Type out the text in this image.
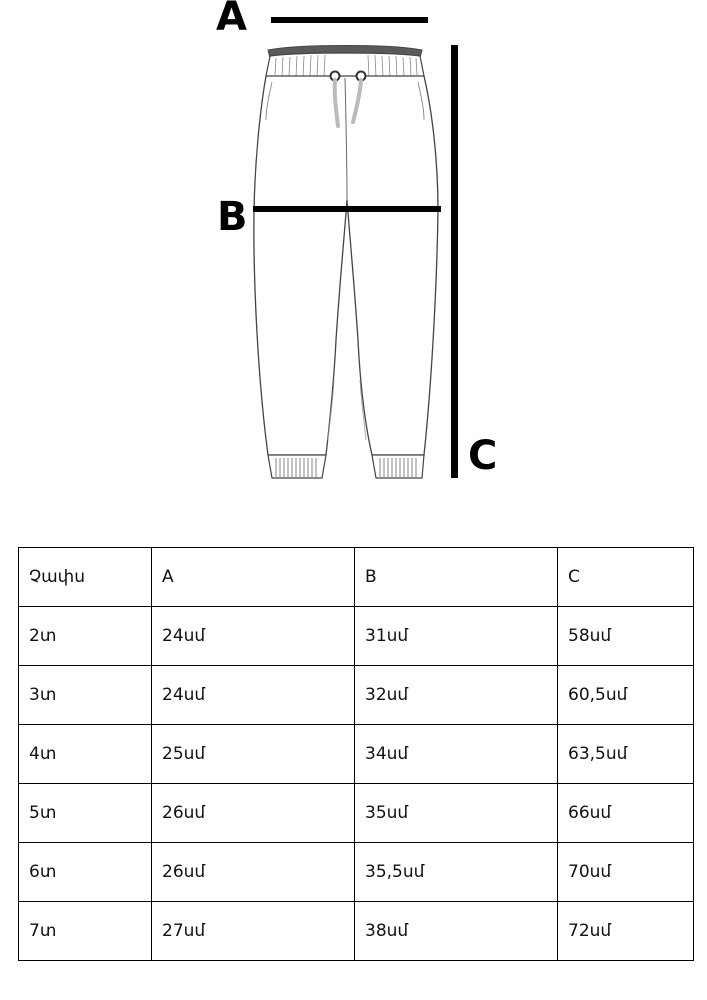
A
B
C
Չափս	A	B	C
2տ	24սմ	31սմ	58սմ
3տ	24սմ	32սմ	60,5սմ
4տ	25սմ	34սմ	63,5սմ
5տ	26սմ	35սմ	66սմ
6տ	26սմ	35,5սմ	70սմ
7տ	27սմ	38սմ	72սմ
